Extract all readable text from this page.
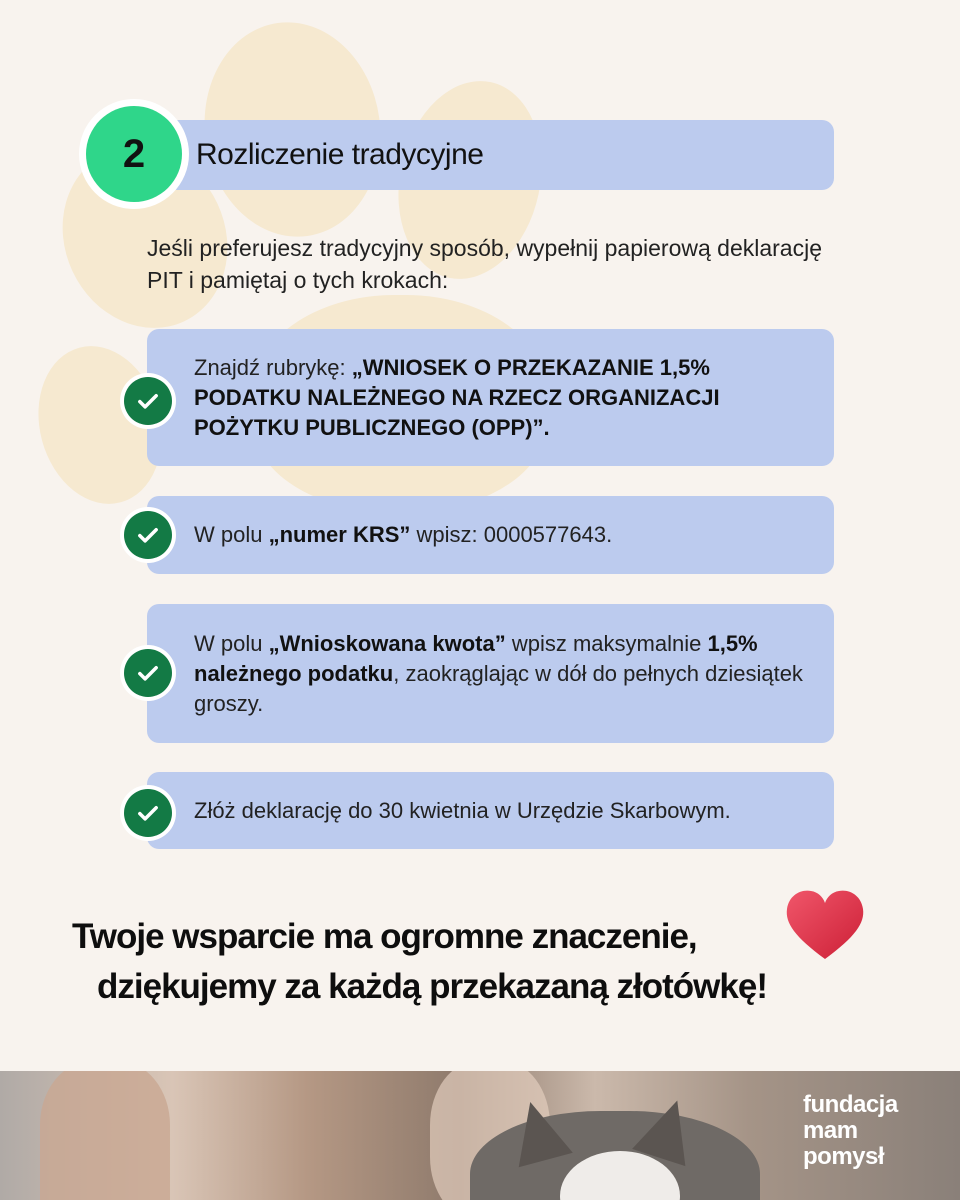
2	Rozliczenie tradycyjne

Jeśli preferujesz tradycyjny sposób, wypełnij papierową deklarację PIT i pamiętaj o tych krokach:

Znajdź rubrykę: „WNIOSEK O PRZEKAZANIE 1,5% PODATKU NALEŻNEGO NA RZECZ ORGANIZACJI POŻYTKU PUBLICZNEGO (OPP)”.

W polu „numer KRS” wpisz: 0000577643.

W polu „Wnioskowana kwota” wpisz maksymalnie 1,5% należnego podatku, zaokrąglając w dół do pełnych dziesiątek groszy.

Złóż deklarację do 30 kwietnia w Urzędzie Skarbowym.

Twoje wsparcie ma ogromne znaczenie,
dziękujemy za każdą przekazaną złotówkę!
fundacja
mam
pomysł
